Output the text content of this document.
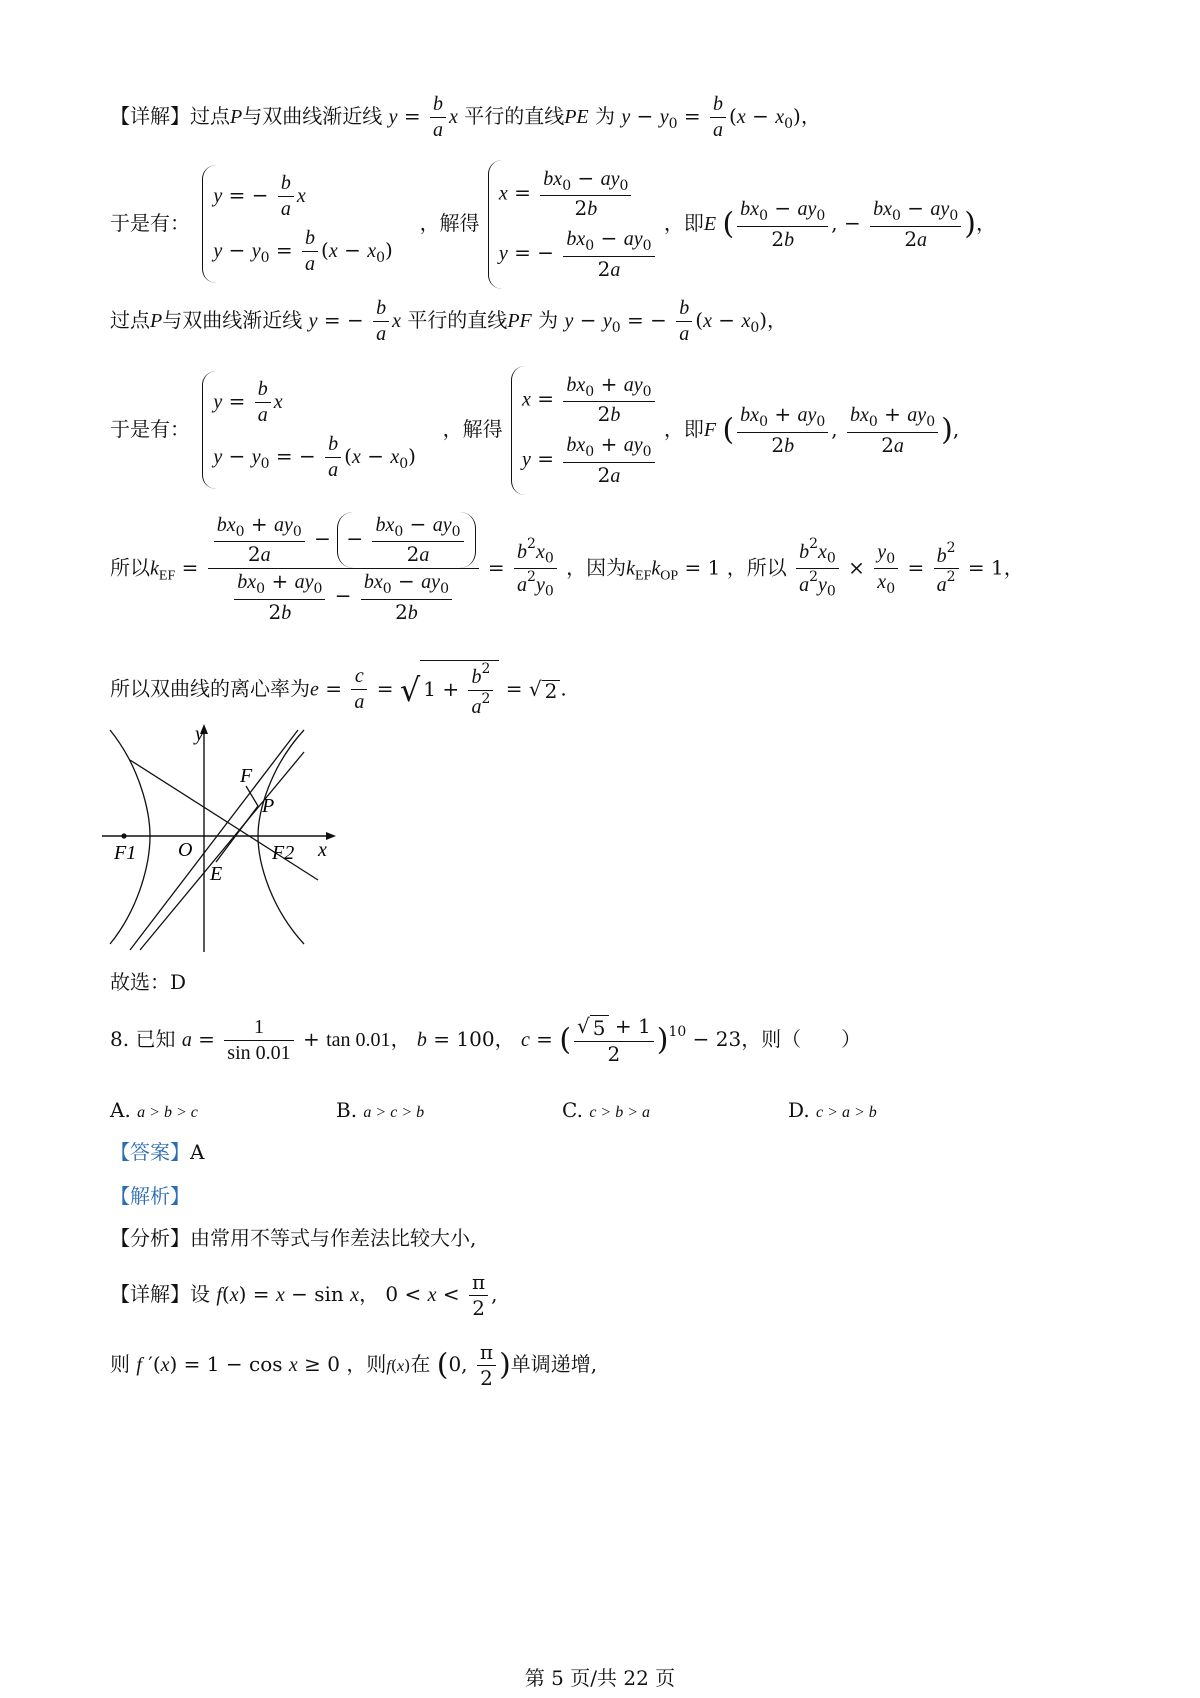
【详解】过点P与双曲线渐近线 $y = \frac{b}{a}$ x 平行的直线PE 为 $y - y_0 = \frac{b}{a} (x - x_0)$，
于是有：
y = − $\frac{b}{a}$ x
$y - y_0 = \frac{b}{a} (x - x_0)$
，解得
$x = \frac{bx_0 - ay_0}{2b}$
y = − $\frac{bx_0 - ay_0}{2a}$
，即E ( $\frac{bx_0 - ay_0}{2b}$ , − $\frac{bx_0 - ay_0}{2a}$ )，
过点P与双曲线渐近线 y = − $\frac{b}{a}$ x 平行的直线PF 为 $y - y_0$ = − $\frac{b}{a} (x - x_0)$，
于是有：
$y = \frac{b}{a}$ x
$y - y_0$ = − $\frac{b}{a} (x - x_0)$
，解得
$x = \frac{bx_0 + ay_0}{2b}$
$y = \frac{bx_0 + ay_0}{2a}$
，即F ( $\frac{bx_0 + ay_0}{2b}$ , $\frac{bx_0 + ay_0}{2a}$ ),
所以$k_{EF} = \frac{\frac{bx_0 + ay_0}{2a} - - \frac{bx_0 - ay_0}{2a}}{\frac{bx_0 + ay_0}{2b} - \frac{bx_0 - ay_0}{2b}} = \frac{b^2x_0}{a^2y_0}$ ，因为$k_{EF}k_{OP} = 1$ ，所以 $\frac{b^2x_0}{a^2y_0} \times \frac{y_0}{x_0} = \frac{b^2}{a^2} = 1$，
所以双曲线的离心率为$e = \frac{c}{a}$ = √ $1 + \frac{b^2}{a^2}$ = √ 2 .
y
x
F
P
O
E
F1	F2
故选：D
8. 已知 $a = \frac{1}{\sin 0.01} + \tan 0.01$， b = 100， c = ( $\frac{√ 5 + 1}{2} )^{10} - 23$，则（　　）
A. a > b > c	B. a > c > b	C. c > b > a	D. c > a > b
【答案】A
【解析】
【分析】由常用不等式与作差法比较大小,
【详解】设 f(x) = x − sin x， $0 < x < \frac{\pi}{2}$ ,
则 f ′(x) = 1 − cos x ≥ 0 ，则f(x)在 (0, $\frac{\pi}{2}$ )单调递增,
第 5 页/共 22 页
